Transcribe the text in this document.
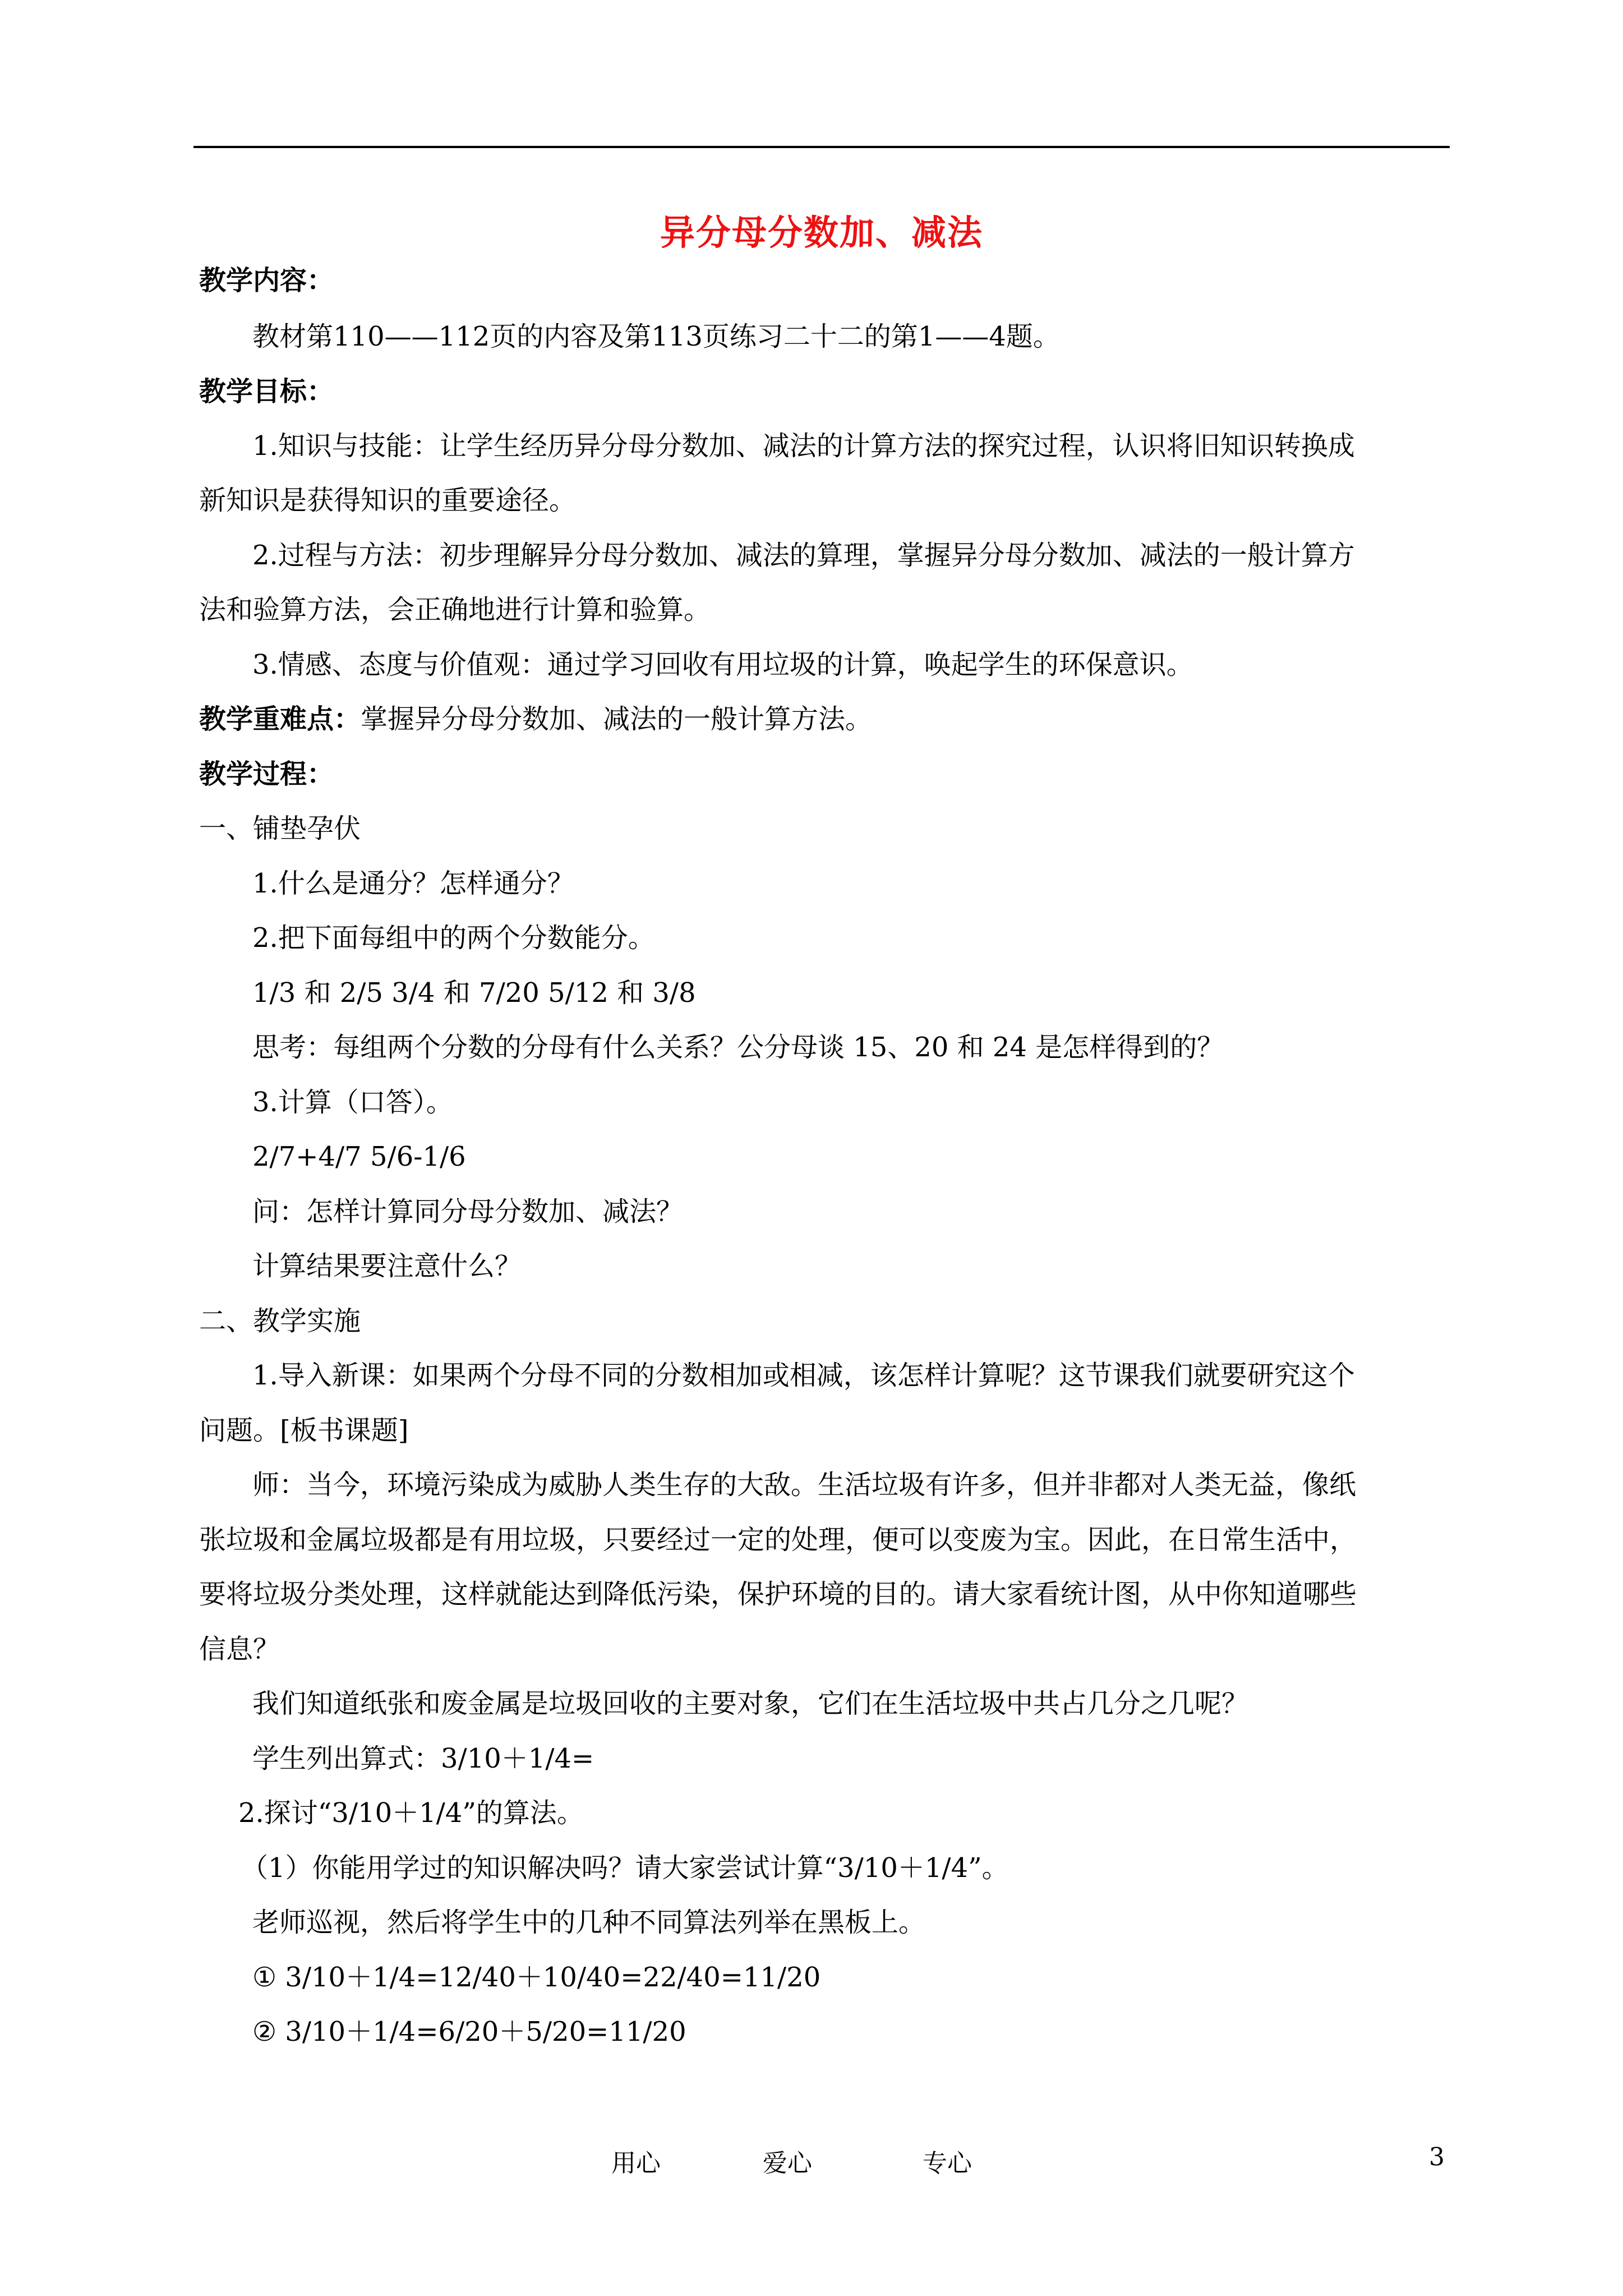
异分母分数加、减法
教学内容：
教材第110——112页的内容及第113页练习二十二的第1——4题。
教学目标：
1.知识与技能：让学生经历异分母分数加、减法的计算方法的探究过程，认识将旧知识转换成
新知识是获得知识的重要途径。
2.过程与方法：初步理解异分母分数加、减法的算理，掌握异分母分数加、减法的一般计算方
法和验算方法，会正确地进行计算和验算。
3.情感、态度与价值观：通过学习回收有用垃圾的计算，唤起学生的环保意识。
教学重难点：掌握异分母分数加、减法的一般计算方法。
教学过程：
一、铺垫孕伏
1.什么是通分？怎样通分？
2.把下面每组中的两个分数能分。
1/3 和 2/5 3/4 和 7/20 5/12 和 3/8
思考：每组两个分数的分母有什么关系？公分母谈 15、20 和 24 是怎样得到的？
3.计算（口答）。
2/7+4/7 5/6-1/6
问：怎样计算同分母分数加、减法？
计算结果要注意什么？
二、教学实施
1.导入新课：如果两个分母不同的分数相加或相减，该怎样计算呢？这节课我们就要研究这个
问题。[板书课题]
师：当今，环境污染成为威胁人类生存的大敌。生活垃圾有许多，但并非都对人类无益，像纸
张垃圾和金属垃圾都是有用垃圾，只要经过一定的处理，便可以变废为宝。因此，在日常生活中，
要将垃圾分类处理，这样就能达到降低污染，保护环境的目的。请大家看统计图，从中你知道哪些
信息？
我们知道纸张和废金属是垃圾回收的主要对象，它们在生活垃圾中共占几分之几呢？
学生列出算式：3/10＋1/4=
2.探讨“3/10＋1/4”的算法。
（1）你能用学过的知识解决吗？请大家尝试计算“3/10＋1/4”。
老师巡视，然后将学生中的几种不同算法列举在黑板上。
① 3/10＋1/4=12/40＋10/40=22/40=11/20
② 3/10＋1/4=6/20＋5/20=11/20
用心	爱心	专心	3
